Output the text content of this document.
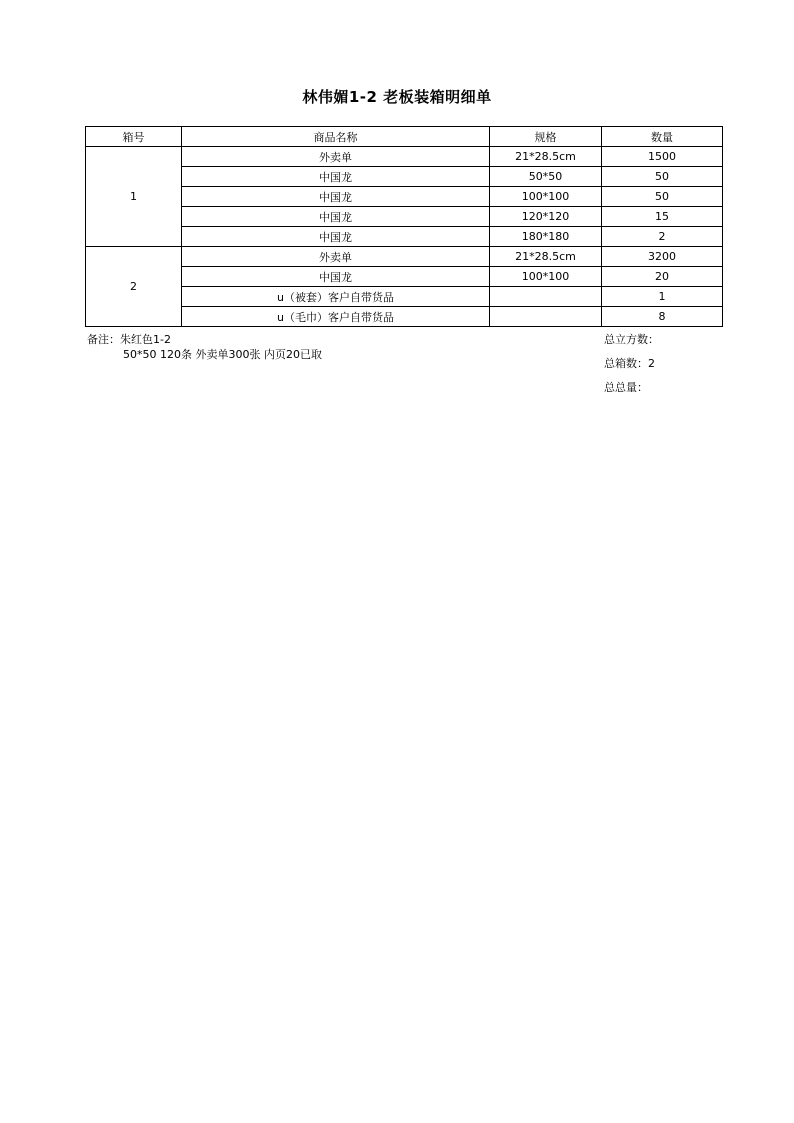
林伟媚1-2 老板装箱明细单
箱号	商品名称	规格	数量
1	外卖单	21*28.5cm	1500
	中国龙	50*50	50
	中国龙	100*100	50
	中国龙	120*120	15
	中国龙	180*180	2
2	外卖单	21*28.5cm	3200
	中国龙	100*100	20
	u（被套）客户自带货品		1
	u（毛巾）客户自带货品		8
备注：朱红色1-2
50*50 120条 外卖单300张 内页20已取
总立方数：
总箱数：2
总总量：
